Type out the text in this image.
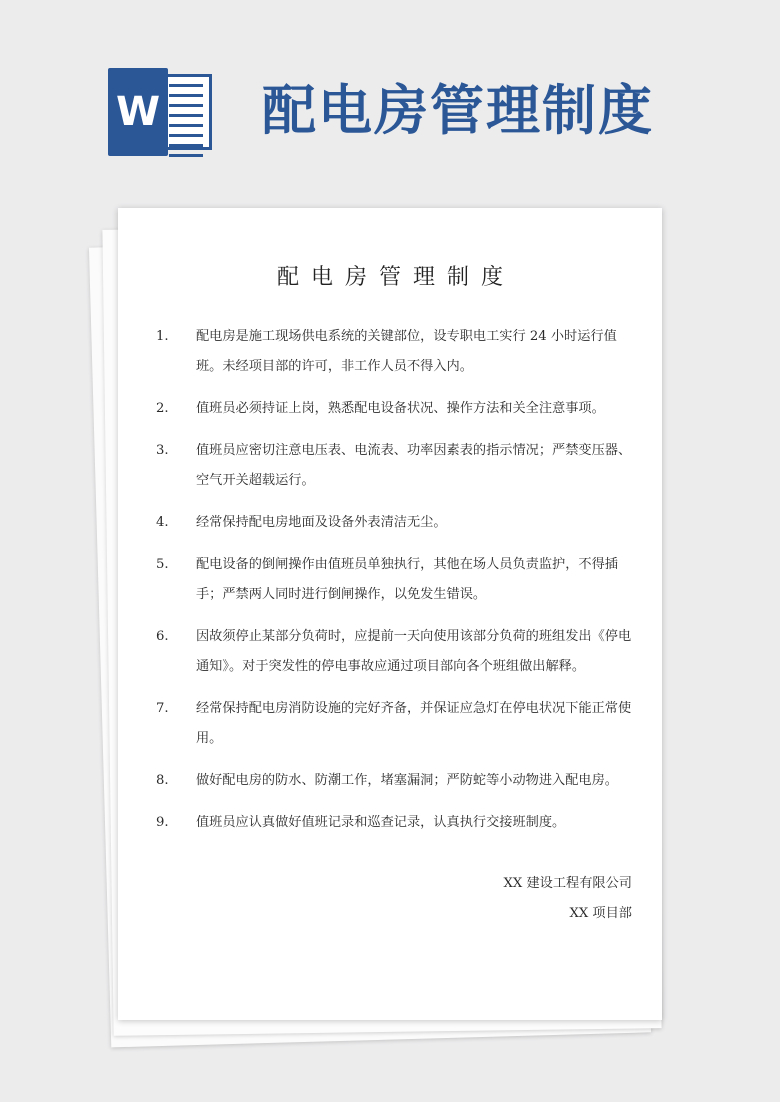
W 配电房管理制度
配电房管理制度
1. 配电房是施工现场供电系统的关键部位，设专职电工实行 24 小时运行值班。未经项目部的许可，非工作人员不得入内。
2. 值班员必须持证上岗，熟悉配电设备状况、操作方法和关全注意事项。
3. 值班员应密切注意电压表、电流表、功率因素表的指示情况；严禁变压器、空气开关超载运行。
4. 经常保持配电房地面及设备外表清洁无尘。
5. 配电设备的倒闸操作由值班员单独执行，其他在场人员负责监护，不得插手；严禁两人同时进行倒闸操作，以免发生错误。
6. 因故须停止某部分负荷时，应提前一天向使用该部分负荷的班组发出《停电通知》。对于突发性的停电事故应通过项目部向各个班组做出解释。
7. 经常保持配电房消防设施的完好齐备，并保证应急灯在停电状况下能正常使用。
8. 做好配电房的防水、防潮工作，堵塞漏洞；严防蛇等小动物进入配电房。
9. 值班员应认真做好值班记录和巡查记录，认真执行交接班制度。
XX 建设工程有限公司
XX 项目部
